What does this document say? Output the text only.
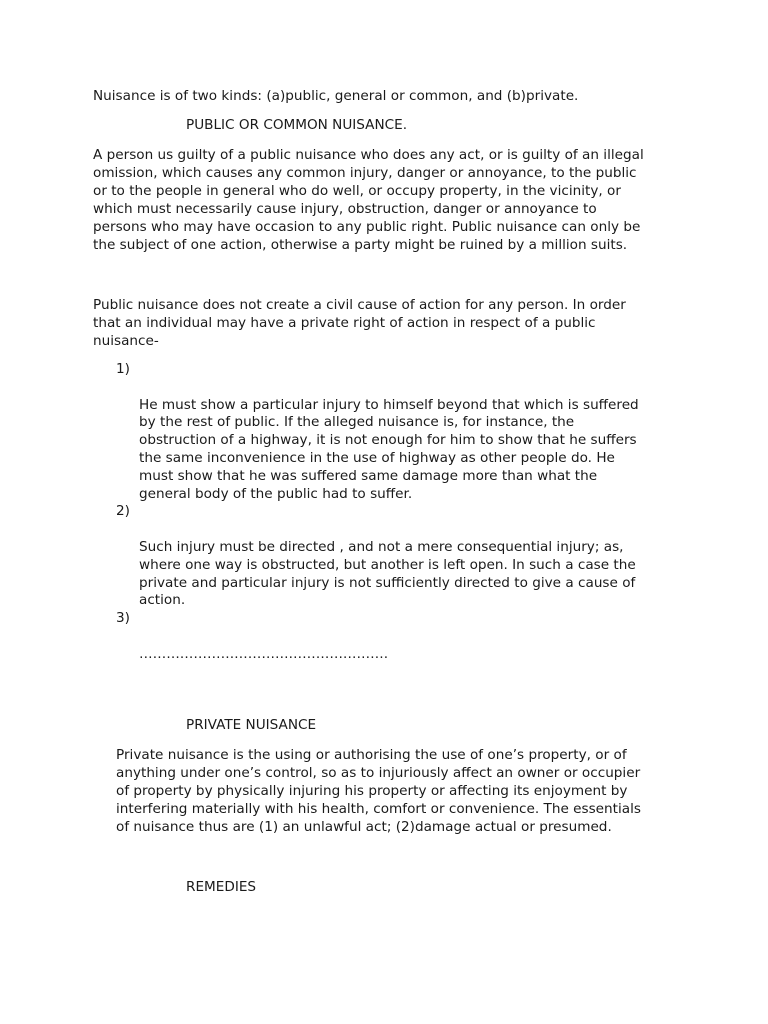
Nuisance is of two kinds: (a)public, general or common, and (b)private.

PUBLIC OR COMMON NUISANCE.

A person us guilty of a public nuisance who does any act, or is guilty of an illegal
omission, which causes any common injury, danger or annoyance, to the public
or to the people in general who do well, or occupy property, in the vicinity, or
which must necessarily cause injury, obstruction, danger or annoyance to
persons who may have occasion to any public right. Public nuisance can only be
the subject of one action, otherwise a party might be ruined by a million suits.

Public nuisance does not create a civil cause of action for any person. In order
that an individual may have a private right of action in respect of a public
nuisance-

1)

He must show a particular injury to himself beyond that which is suffered
by the rest of public. If the alleged nuisance is, for instance, the
obstruction of a highway, it is not enough for him to show that he suffers
the same inconvenience in the use of highway as other people do. He
must show that he was suffered same damage more than what the
general body of the public had to suffer.

2)

Such injury must be directed , and not a mere consequential injury; as,
where one way is obstructed, but another is left open. In such a case the
private and particular injury is not sufficiently directed to give a cause of
action.

3)

……………………………………………….

PRIVATE NUISANCE

Private nuisance is the using or authorising the use of one’s property, or of
anything under one’s control, so as to injuriously affect an owner or occupier
of property by physically injuring his property or affecting its enjoyment by
interfering materially with his health, comfort or convenience. The essentials
of nuisance thus are (1) an unlawful act; (2)damage actual or presumed.

REMEDIES
